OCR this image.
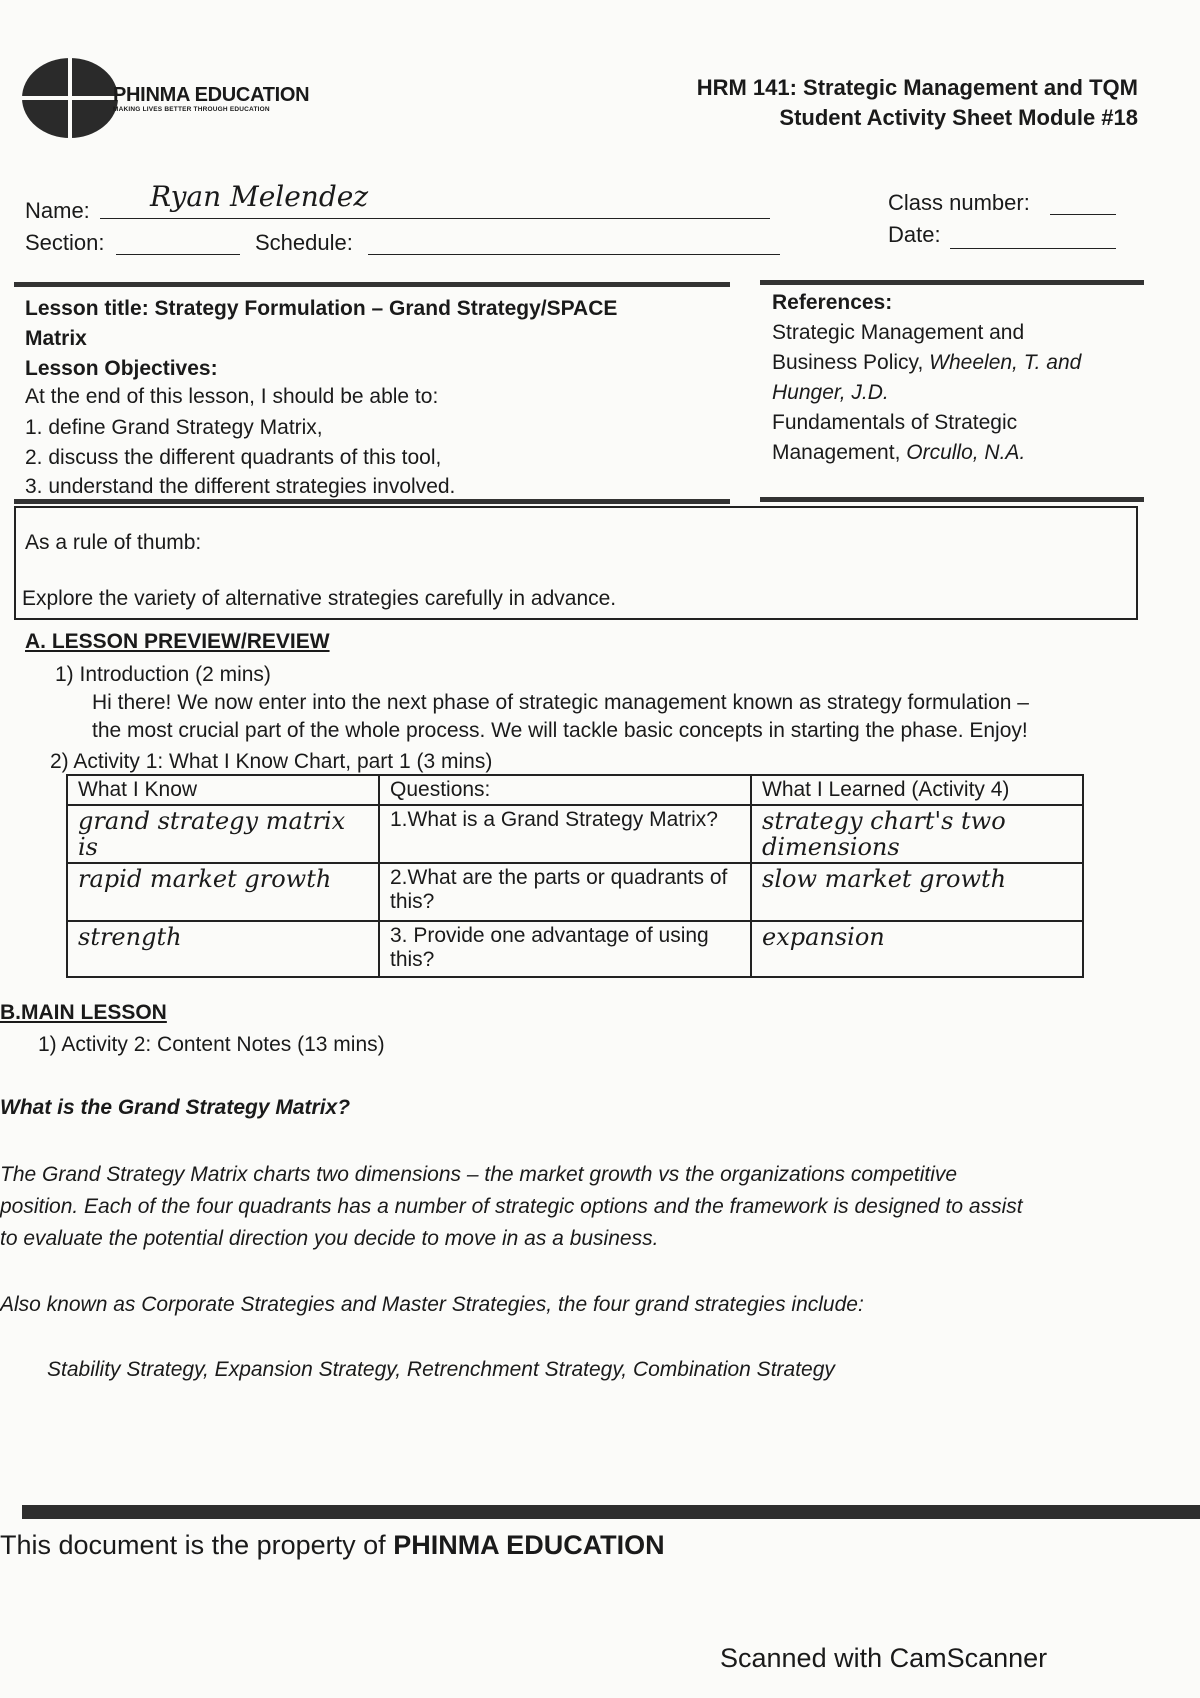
PHINMA EDUCATION
MAKING LIVES BETTER THROUGH EDUCATION
HRM 141: Strategic Management and TQM
Student Activity Sheet Module #18
Name: Ryan Melendez	Class number:
Section:	Schedule:	Date:
Lesson title: Strategy Formulation – Grand Strategy/SPACE
Matrix
Lesson Objectives:
At the end of this lesson, I should be able to:
1. define Grand Strategy Matrix,
2. discuss the different quadrants of this tool,
3. understand the different strategies involved.
References:
Strategic Management and
Business Policy, Wheelen, T. and
Hunger, J.D.
Fundamentals of Strategic
Management, Orcullo, N.A.
As a rule of thumb:
Explore the variety of alternative strategies carefully in advance.
A. LESSON PREVIEW/REVIEW
1) Introduction (2 mins)
Hi there! We now enter into the next phase of strategic management known as strategy formulation –
the most crucial part of the whole process. We will tackle basic concepts in starting the phase. Enjoy!
2) Activity 1: What I Know Chart, part 1 (3 mins)
What I Know	Questions:	What I Learned (Activity 4)
grand strategy matrix is	1.What is a Grand Strategy Matrix?	strategy chart's two dimensions
rapid market growth	2.What are the parts or quadrants of this?	slow market growth
strength	3. Provide one advantage of using this?	expansion
B.MAIN LESSON
1) Activity 2: Content Notes (13 mins)
What is the Grand Strategy Matrix?
The Grand Strategy Matrix charts two dimensions – the market growth vs the organizations competitive
position. Each of the four quadrants has a number of strategic options and the framework is designed to assist
to evaluate the potential direction you decide to move in as a business.
Also known as Corporate Strategies and Master Strategies, the four grand strategies include:
Stability Strategy, Expansion Strategy, Retrenchment Strategy, Combination Strategy
This document is the property of PHINMA EDUCATION
Scanned with CamScanner
